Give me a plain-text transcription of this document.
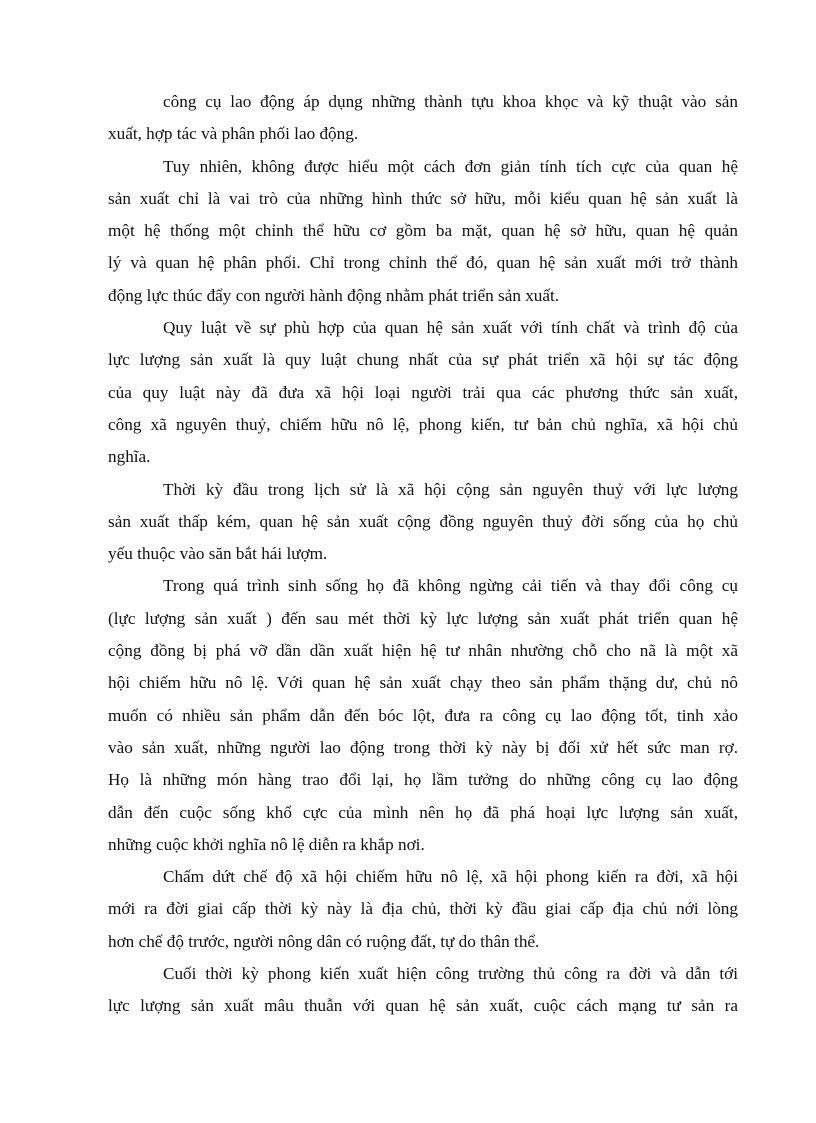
công cụ lao động áp dụng những thành tựu khoa khọc và kỹ thuật vào sản
xuất, hợp tác và phân phối lao động.
Tuy nhiên, không được hiểu một cách đơn giản tính tích cực của quan hệ
sản xuất chỉ là vai trò của những hình thức sở hữu, mỗi kiểu quan hệ sản xuất là
một hệ thống một chỉnh thể hữu cơ gồm ba mặt, quan hệ sở hữu, quan hệ quản
lý và quan hệ phân phối. Chỉ trong chỉnh thể đó, quan hệ sản xuất mới trở thành
động lực thúc đẩy con người hành động nhằm phát triển sản xuất.
Quy luật về sự phù hợp của quan hệ sản xuất với tính chất và trình độ của
lực lượng sản xuất là quy luật chung nhất của sự phát triển xã hội sự tác động
của quy luật này đã đưa xã hội loại người trải qua các phương thức sản xuất,
công xã nguyên thuỷ, chiếm hữu nô lệ, phong kiến, tư bản chủ nghĩa, xã hội chủ
nghĩa.
Thời kỳ đầu trong lịch sử là xã hội cộng sản nguyên thuỷ với lực lượng
sản xuất thấp kém, quan hệ sản xuất cộng đồng nguyên thuỷ đời sống của họ chủ
yếu thuộc vào săn bắt hái lượm.
Trong quá trình sinh sống họ đã không ngừng cải tiến và thay đổi công cụ
(lực lượng sản xuất ) đến sau mét thời kỳ lực lượng sản xuất phát triển quan hệ
cộng đồng bị phá vỡ dần dần xuất hiện hệ tư nhân nhường chỗ cho nã là một xã
hội chiếm hữu nô lệ. Với quan hệ sản xuất chạy theo sản phẩm thặng dư, chủ nô
muốn có nhiều sản phẩm dẫn đến bóc lột, đưa ra công cụ lao động tốt, tinh xảo
vào sản xuất, những người lao động trong thời kỳ này bị đối xử hết sức man rợ.
Họ là những món hàng trao đổi lại, họ lầm tưởng do những công cụ lao động
dẫn đến cuộc sống khổ cực của mình nên họ đã phá hoại lực lượng sản xuất,
những cuộc khởi nghĩa nô lệ diễn ra khắp nơi.
Chấm dứt chế độ xã hội chiếm hữu nô lệ, xã hội phong kiến ra đời, xã hội
mới ra đời giai cấp thời kỳ này là địa chủ, thời kỳ đầu giai cấp địa chủ nới lòng
hơn chế độ trước, người nông dân có ruộng đất, tự do thân thể.
Cuối thời kỳ phong kiến xuất hiện công trường thủ công ra đời và dẫn tới
lực lượng sản xuất mâu thuẫn với quan hệ sản xuất, cuộc cách mạng tư sản ra
